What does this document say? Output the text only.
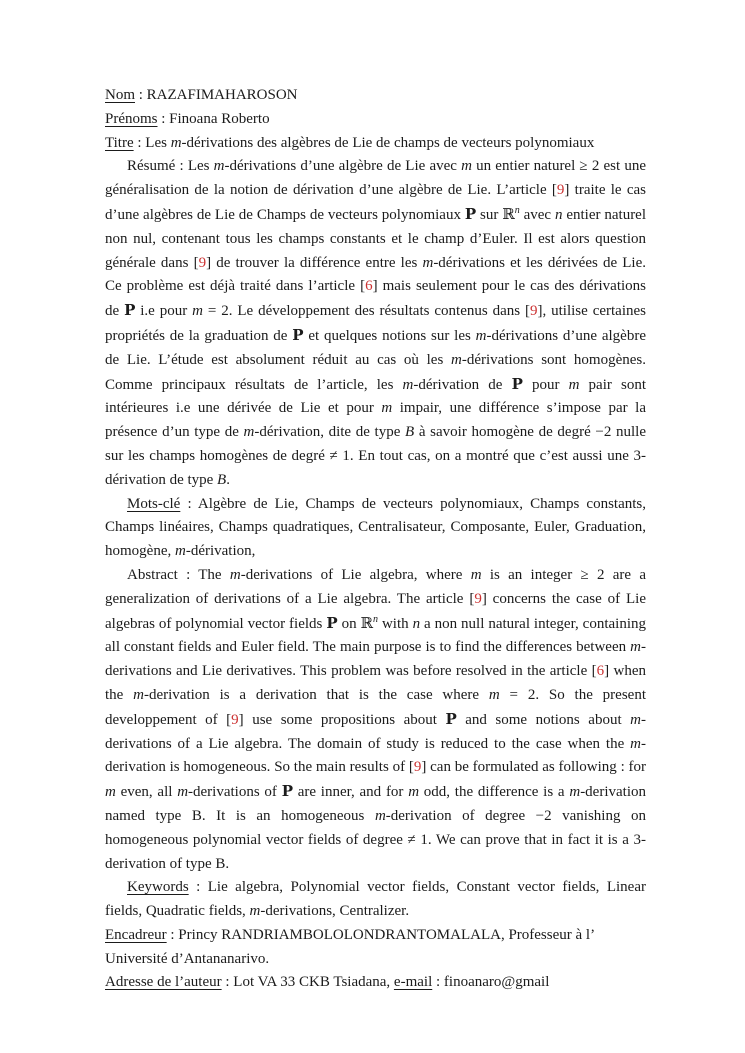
Nom : RAZAFIMAHAROSON

Prénoms : Finoana Roberto

Titre : Les m-dérivations des algèbres de Lie de champs de vecteurs polynomiaux

Résumé : Les m-dérivations d’une algèbre de Lie avec m un entier naturel ≥ 2 est une généralisation de la notion de dérivation d’une algèbre de Lie. L’article [9] traite le cas d’une algèbres de Lie de Champs de vecteurs polynomiaux P sur ℝ$^n$ avec n entier naturel non nul, contenant tous les champs constants et le champ d’Euler. Il est alors question générale dans [9] de trouver la différence entre les m-dérivations et les dérivées de Lie. Ce problème est déjà traité dans l’article [6] mais seulement pour le cas des dérivations de P i.e pour m = 2. Le développement des résultats contenus dans [9], utilise certaines propriétés de la graduation de P et quelques notions sur les m-dérivations d’une algèbre de Lie. L’étude est absolument réduit au cas où les m-dérivations sont homogènes. Comme principaux résultats de l’article, les m-dérivation de P pour m pair sont intérieures i.e une dérivée de Lie et pour m impair, une différence s’impose par la présence d’un type de m-dérivation, dite de type B à savoir homogène de degré −2 nulle sur les champs homogènes de degré ≠ 1. En tout cas, on a montré que c’est aussi une 3-dérivation de type B.

Mots-clé : Algèbre de Lie, Champs de vecteurs polynomiaux, Champs constants, Champs linéaires, Champs quadratiques, Centralisateur, Composante, Euler, Graduation, homogène, m-dérivation,

Abstract : The m-derivations of Lie algebra, where m is an integer ≥ 2 are a generalization of derivations of a Lie algebra. The article [9] concerns the case of Lie algebras of polynomial vector fields P on ℝ$^n$ with n a non null natural integer, containing all constant fields and Euler field. The main purpose is to find the differences between m-derivations and Lie derivatives. This problem was before resolved in the article [6] when the m-derivation is a derivation that is the case where m = 2. So the present developpement of [9] use some propositions about P and some notions about m-derivations of a Lie algebra. The domain of study is reduced to the case when the m-derivation is homogeneous. So the main results of [9] can be formulated as following : for m even, all m-derivations of P are inner, and for m odd, the difference is a m-derivation named type B. It is an homogeneous m-derivation of degree −2 vanishing on homogeneous polynomial vector fields of degree ≠ 1. We can prove that in fact it is a 3-derivation of type B.

Keywords : Lie algebra, Polynomial vector fields, Constant vector fields, Linear fields, Quadratic fields, m-derivations, Centralizer.

Encadreur : Princy RANDRIAMBOLOLONDRANTOMALALA, Professeur à l’ Université d’Antananarivo.

Adresse de l’auteur : Lot VA 33 CKB Tsiadana, e-mail : finoanaro@gmail
